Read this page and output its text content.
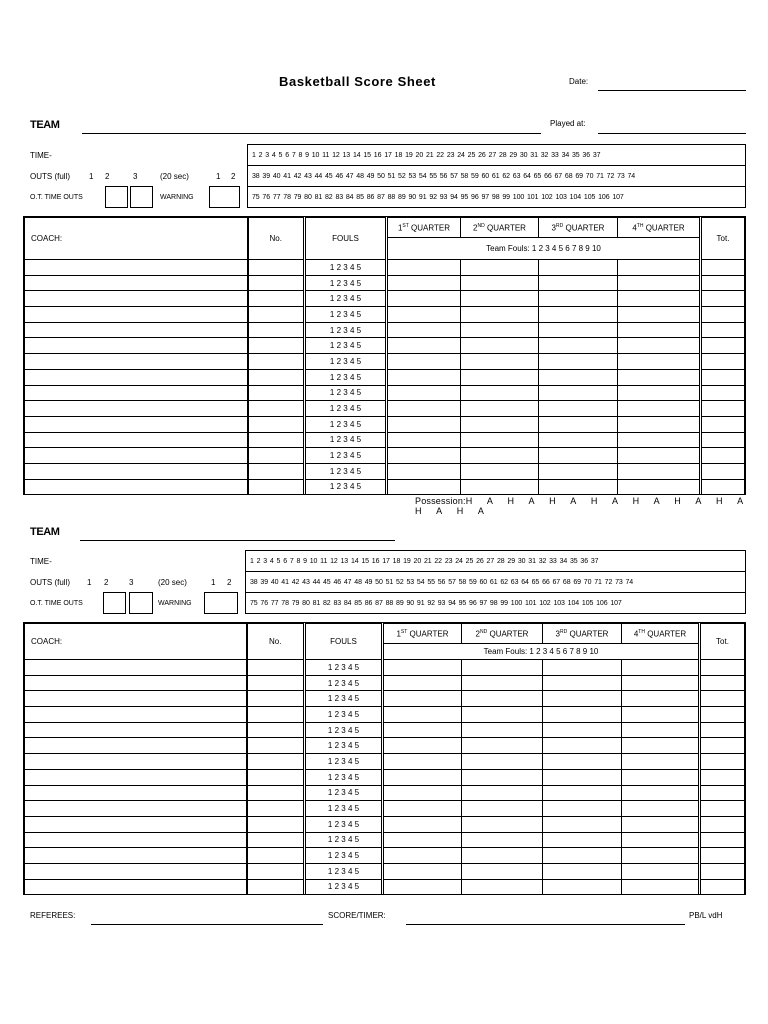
Basketball Score Sheet	Date:
TEAM	Played at:
TIME-
OUTS (full) 1 2	3	(20 sec)	1 2
O.T. TIME OUTS	WARNING
1 2 3 4 5 6 7 8 9 10 11 12 13 14 15 16 17 18 19 20 21 22 23 24 25 26 27 28 29 30 31 32 33 34 35 36 37
38 39 40 41 42 43 44 45 46 47 48 49 50 51 52 53 54 55 56 57 58 59 60 61 62 63 64 65 66 67 68 69 70 71 72 73 74
75 76 77 78 79 80 81 82 83 84 85 86 87 88 89 90 91 92 93 94 95 96 97 98 99 100 101 102 103 104 105 106 107
COACH:	No.	FOULS	1ST QUARTER	2ND QUARTER	3RD QUARTER	4TH QUARTER	Tot.
			Team Fouls: 1 2 3 4 5 6 7 8 9 10				
		1 2 3 4 5					
		1 2 3 4 5					
		1 2 3 4 5					
		1 2 3 4 5					
		1 2 3 4 5					
		1 2 3 4 5					
		1 2 3 4 5					
		1 2 3 4 5					
		1 2 3 4 5					
		1 2 3 4 5					
		1 2 3 4 5					
		1 2 3 4 5					
		1 2 3 4 5					
		1 2 3 4 5					
		1 2 3 4 5					
Possession:H A H A H A H A H A H A H A H A H A
TEAM
TIME-
OUTS (full) 1 2	3	(20 sec)	1 2
O.T. TIME OUTS	WARNING
1 2 3 4 5 6 7 8 9 10 11 12 13 14 15 16 17 18 19 20 21 22 23 24 25 26 27 28 29 30 31 32 33 34 35 36 37
38 39 40 41 42 43 44 45 46 47 48 49 50 51 52 53 54 55 56 57 58 59 60 61 62 63 64 65 66 67 68 69 70 71 72 73 74
75 76 77 78 79 80 81 82 83 84 85 86 87 88 89 90 91 92 93 94 95 96 97 98 99 100 101 102 103 104 105 106 107
COACH:	No.	FOULS	1ST QUARTER	2ND QUARTER	3RD QUARTER	4TH QUARTER	Tot.
			Team Fouls: 1 2 3 4 5 6 7 8 9 10				
		1 2 3 4 5					
		1 2 3 4 5					
		1 2 3 4 5					
		1 2 3 4 5					
		1 2 3 4 5					
		1 2 3 4 5					
		1 2 3 4 5					
		1 2 3 4 5					
		1 2 3 4 5					
		1 2 3 4 5					
		1 2 3 4 5					
		1 2 3 4 5					
		1 2 3 4 5					
		1 2 3 4 5					
		1 2 3 4 5					
REFEREES:	SCORE/TIMER:	PB/L vdH
